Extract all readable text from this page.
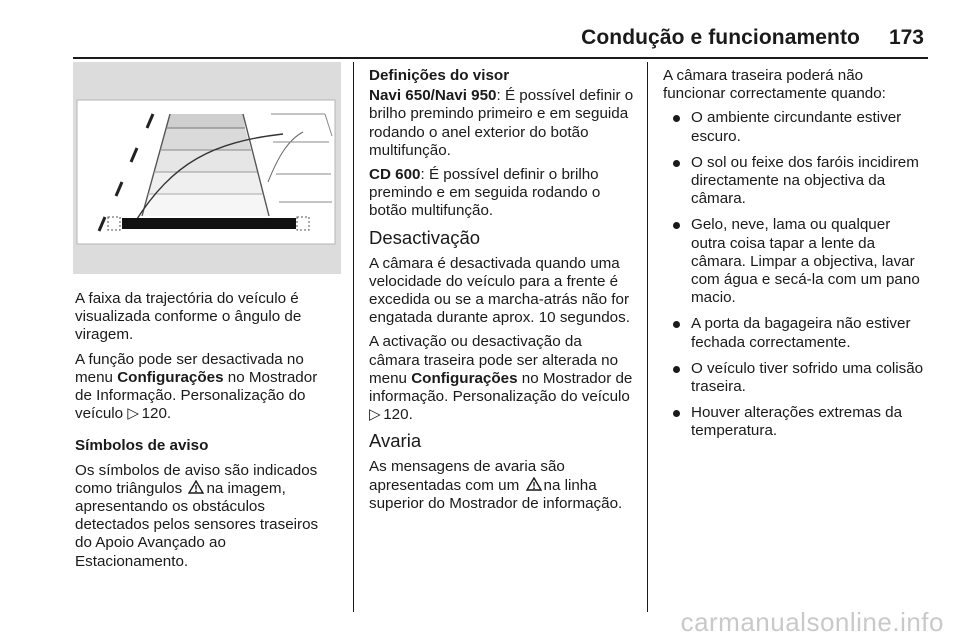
Condução e funcionamento 173

A faixa da trajectória do veículo é visualizada conforme o ângulo de viragem.

A função pode ser desactivada no menu Configurações no Mostrador de Informação. Personalização do veículo ▷ 120.

Símbolos de aviso

Os símbolos de aviso são indicados como triângulos na imagem, apresentando os obstáculos detectados pelos sensores traseiros do Apoio Avançado ao Estacionamento.

Definições do visor

Navi 650/Navi 950: É possível definir o brilho premindo primeiro e em seguida rodando o anel exterior do botão multifunção.

CD 600: É possível definir o brilho premindo e em seguida rodando o botão multifunção.

Desactivação

A câmara é desactivada quando uma velocidade do veículo para a frente é excedida ou se a marcha-atrás não for engatada durante aprox. 10 segundos.

A activação ou desactivação da câmara traseira pode ser alterada no menu Configurações no Mostrador de informação. Personalização do veículo ▷ 120.

Avaria

As mensagens de avaria são apresentadas com um na linha superior do Mostrador de informação.

A câmara traseira poderá não funcionar correctamente quando:

O ambiente circundante estiver escuro.
O sol ou feixe dos faróis incidirem directamente na objectiva da câmara.
Gelo, neve, lama ou qualquer outra coisa tapar a lente da câmara. Limpar a objectiva, lavar com água e secá-la com um pano macio.
A porta da bagageira não estiver fechada correctamente.
O veículo tiver sofrido uma colisão traseira.
Houver alterações extremas da temperatura.
carmanualsonline.info
